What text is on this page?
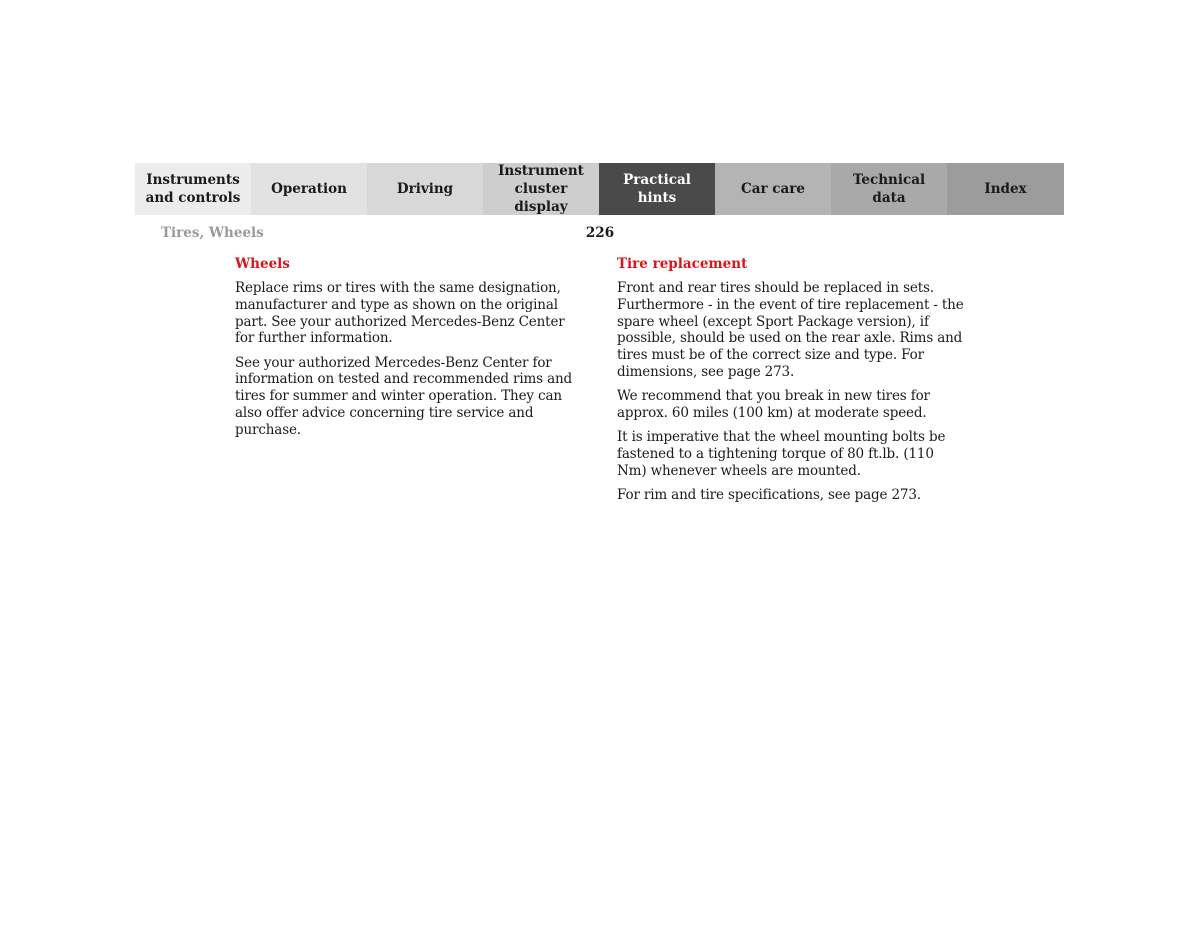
Instruments
and controls
Operation	Driving
Instrument
cluster display
Practical hints
Car care
Technical
data
Index
Tires, Wheels	226
Wheels

Replace rims or tires with the same designation, manufacturer and type as shown on the original part. See your authorized Mercedes-Benz Center for further information.

See your authorized Mercedes-Benz Center for information on tested and recommended rims and tires for summer and winter operation. They can also offer advice concerning tire service and purchase.

Tire replacement

Front and rear tires should be replaced in sets. Furthermore - in the event of tire replacement - the spare wheel (except Sport Package version), if possible, should be used on the rear axle. Rims and tires must be of the correct size and type. For dimensions, see page 273.

We recommend that you break in new tires for approx. 60 miles (100 km) at moderate speed.

It is imperative that the wheel mounting bolts be fastened to a tightening torque of 80 ft.lb. (110 Nm) whenever wheels are mounted.

For rim and tire specifications, see page 273.
